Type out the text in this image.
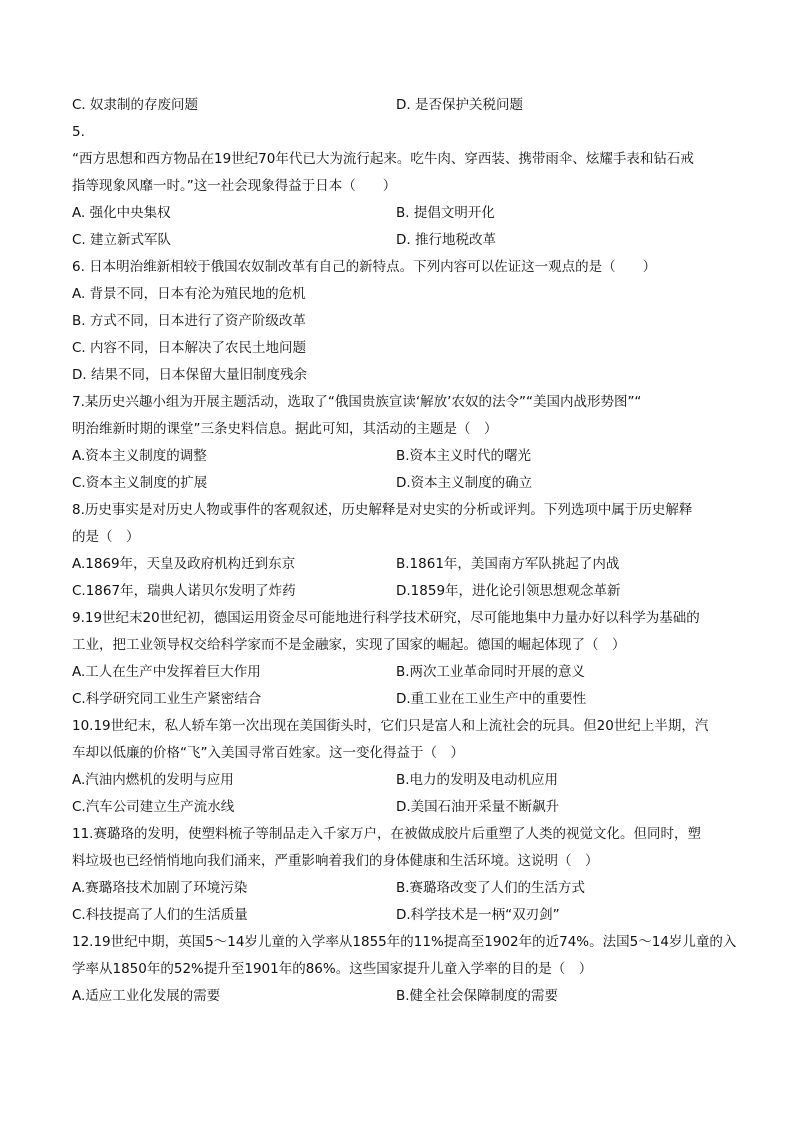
C. 奴隶制的存废问题	D. 是否保护关税问题
5.
“西方思想和西方物品在19世纪70年代已大为流行起来。吃牛肉、穿西装、携带雨伞、炫耀手表和钻石戒
指等现象风靡一时。”这一社会现象得益于日本（　　）
A. 强化中央集权	B. 提倡文明开化
C. 建立新式军队	D. 推行地税改革
6. 日本明治维新相较于俄国农奴制改革有自己的新特点。下列内容可以佐证这一观点的是（　　）
A. 背景不同，日本有沦为殖民地的危机
B. 方式不同，日本进行了资产阶级改革
C. 内容不同，日本解决了农民土地问题
D. 结果不同，日本保留大量旧制度残余
7.某历史兴趣小组为开展主题活动，选取了“俄国贵族宣读‘解放’农奴的法令”“美国内战形势图”“
明治维新时期的课堂”三条史料信息。据此可知，其活动的主题是（　）
A.资本主义制度的调整	B.资本主义时代的曙光
C.资本主义制度的扩展	D.资本主义制度的确立
8.历史事实是对历史人物或事件的客观叙述，历史解释是对史实的分析或评判。下列选项中属于历史解释
的是（　）
A.1869年，天皇及政府机构迁到东京	B.1861年，美国南方军队挑起了内战
C.1867年，瑞典人诺贝尔发明了炸药	D.1859年，进化论引领思想观念革新
9.19世纪末20世纪初，德国运用资金尽可能地进行科学技术研究，尽可能地集中力量办好以科学为基础的
工业，把工业领导权交给科学家而不是金融家，实现了国家的崛起。德国的崛起体现了（　）
A.工人在生产中发挥着巨大作用	B.两次工业革命同时开展的意义
C.科学研究同工业生产紧密结合	D.重工业在工业生产中的重要性
10.19世纪末，私人轿车第一次出现在美国街头时，它们只是富人和上流社会的玩具。但20世纪上半期，汽
车却以低廉的价格“飞”入美国寻常百姓家。这一变化得益于（　）
A.汽油内燃机的发明与应用	B.电力的发明及电动机应用
C.汽车公司建立生产流水线	D.美国石油开采量不断飙升
11.赛璐珞的发明，使塑料梳子等制品走入千家万户，在被做成胶片后重塑了人类的视觉文化。但同时，塑
料垃圾也已经悄悄地向我们涌来，严重影响着我们的身体健康和生活环境。这说明（　）
A.赛璐珞技术加剧了环境污染	B.赛璐珞改变了人们的生活方式
C.科技提高了人们的生活质量	D.科学技术是一柄“双刃剑”
12.19世纪中期，英国5～14岁儿童的入学率从1855年的11%提高至1902年的近74%。法国5～14岁儿童的入
学率从1850年的52%提升至1901年的86%。这些国家提升儿童入学率的目的是（　）
A.适应工业化发展的需要	B.健全社会保障制度的需要
